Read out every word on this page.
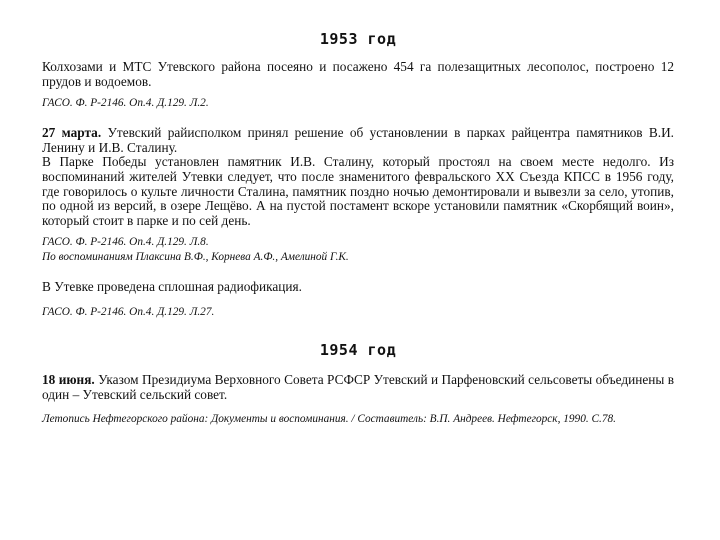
1953 год

Колхозами и МТС Утевского района посеяно и посажено 454 га полезащитных лесополос, построено 12 прудов и водоемов.

ГАСО. Ф. Р-2146. Оп.4. Д.129. Л.2.

27 марта. Утевский райисполком принял решение об установлении в парках райцентра памятников В.И. Ленину и И.В. Сталину.

В Парке Победы установлен памятник И.В. Сталину, который простоял на своем месте недолго. Из воспоминаний жителей Утевки следует, что после знаменитого февральского XX Съезда КПСС в 1956 году, где говорилось о культе личности Сталина, памятник поздно ночью демонтировали и вывезли за село, утопив, по одной из версий, в озере Лещёво. А на пустой постамент вскоре установили памятник «Скорбящий воин», который стоит в парке и по сей день.

ГАСО. Ф. Р-2146. Оп.4. Д.129. Л.8.

По воспоминаниям Плаксина В.Ф., Корнева А.Ф., Амелиной Г.К.

В Утевке проведена сплошная радиофикация.

ГАСО. Ф. Р-2146. Оп.4. Д.129. Л.27.

1954 год

18 июня. Указом Президиума Верховного Совета РСФСР Утевский и Парфеновский сельсоветы объединены в один – Утевский сельский совет.

Летопись Нефтегорского района: Документы и воспоминания. / Составитель: В.П. Андреев. Нефтегорск, 1990. С.78.
